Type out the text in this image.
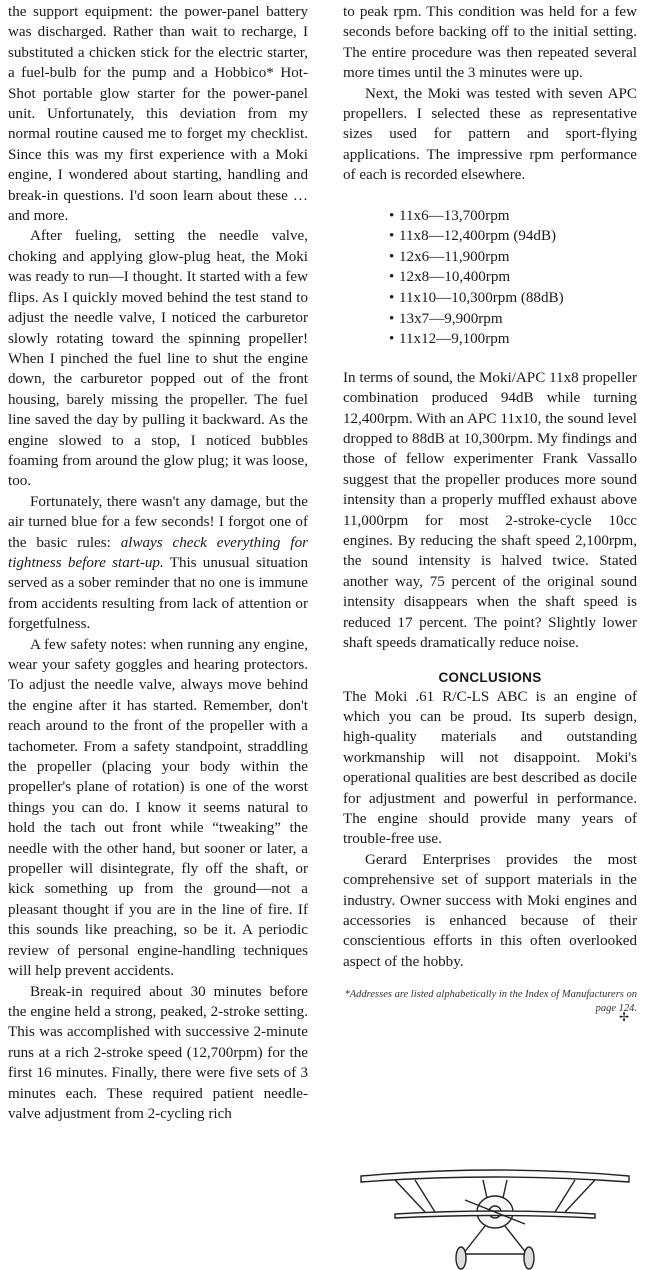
the support equipment: the power-panel battery was discharged. Rather than wait to recharge, I substituted a chicken stick for the electric starter, a fuel-bulb for the pump and a Hobbico* Hot-Shot portable glow starter for the power-panel unit. Unfortunately, this deviation from my normal routine caused me to forget my checklist. Since this was my first experience with a Moki engine, I wondered about starting, handling and break-in questions. I'd soon learn about these … and more.

After fueling, setting the needle valve, choking and applying glow-plug heat, the Moki was ready to run—I thought. It started with a few flips. As I quickly moved behind the test stand to adjust the needle valve, I noticed the carburetor slowly rotating toward the spinning propeller! When I pinched the fuel line to shut the engine down, the carburetor popped out of the front housing, barely missing the propeller. The fuel line saved the day by pulling it backward. As the engine slowed to a stop, I noticed bubbles foaming from around the glow plug; it was loose, too.

Fortunately, there wasn't any damage, but the air turned blue for a few seconds! I forgot one of the basic rules: always check everything for tightness before start-up. This unusual situation served as a sober reminder that no one is immune from accidents resulting from lack of attention or forgetfulness.

A few safety notes: when running any engine, wear your safety goggles and hearing protectors. To adjust the needle valve, always move behind the engine after it has started. Remember, don't reach around to the front of the propeller with a tachometer. From a safety standpoint, straddling the propeller (placing your body within the propeller's plane of rotation) is one of the worst things you can do. I know it seems natural to hold the tach out front while “tweaking” the needle with the other hand, but sooner or later, a propeller will disintegrate, fly off the shaft, or kick something up from the ground—not a pleasant thought if you are in the line of fire. If this sounds like preaching, so be it. A periodic review of personal engine-handling techniques will help prevent accidents.

Break-in required about 30 minutes before the engine held a strong, peaked, 2-stroke setting. This was accomplished with successive 2-minute runs at a rich 2-stroke speed (12,700rpm) for the first 16 minutes. Finally, there were five sets of 3 minutes each. These required patient needle-valve adjustment from 2-cycling rich

to peak rpm. This condition was held for a few seconds before backing off to the initial setting. The entire procedure was then repeated several more times until the 3 minutes were up.

Next, the Moki was tested with seven APC propellers. I selected these as representative sizes used for pattern and sport-flying applications. The impressive rpm performance of each is recorded elsewhere.

• 11x6—13,700rpm
• 11x8—12,400rpm (94dB)
• 12x6—11,900rpm
• 12x8—10,400rpm
• 11x10—10,300rpm (88dB)
• 13x7—9,900rpm
• 11x12—9,100rpm

In terms of sound, the Moki/APC 11x8 propeller combination produced 94dB while turning 12,400rpm. With an APC 11x10, the sound level dropped to 88dB at 10,300rpm. My findings and those of fellow experimenter Frank Vassallo suggest that the propeller produces more sound intensity than a properly muffled exhaust above 11,000rpm for most 2-stroke-cycle 10cc engines. By reducing the shaft speed 2,100rpm, the sound intensity is halved twice. Stated another way, 75 percent of the original sound intensity disappears when the shaft speed is reduced 17 percent. The point? Slightly lower shaft speeds dramatically reduce noise.

CONCLUSIONS

The Moki .61 R/C-LS ABC is an engine of which you can be proud. Its superb design, high-quality materials and outstanding workmanship will not disappoint. Moki's operational qualities are best described as docile for adjustment and powerful in performance. The engine should provide many years of trouble-free use.

Gerard Enterprises provides the most comprehensive set of support materials in the industry. Owner success with Moki engines and accessories is enhanced because of their conscientious efforts in this often overlooked aspect of the hobby.

*Addresses are listed alphabetically in the Index of Manufacturers on page 124.

✢
